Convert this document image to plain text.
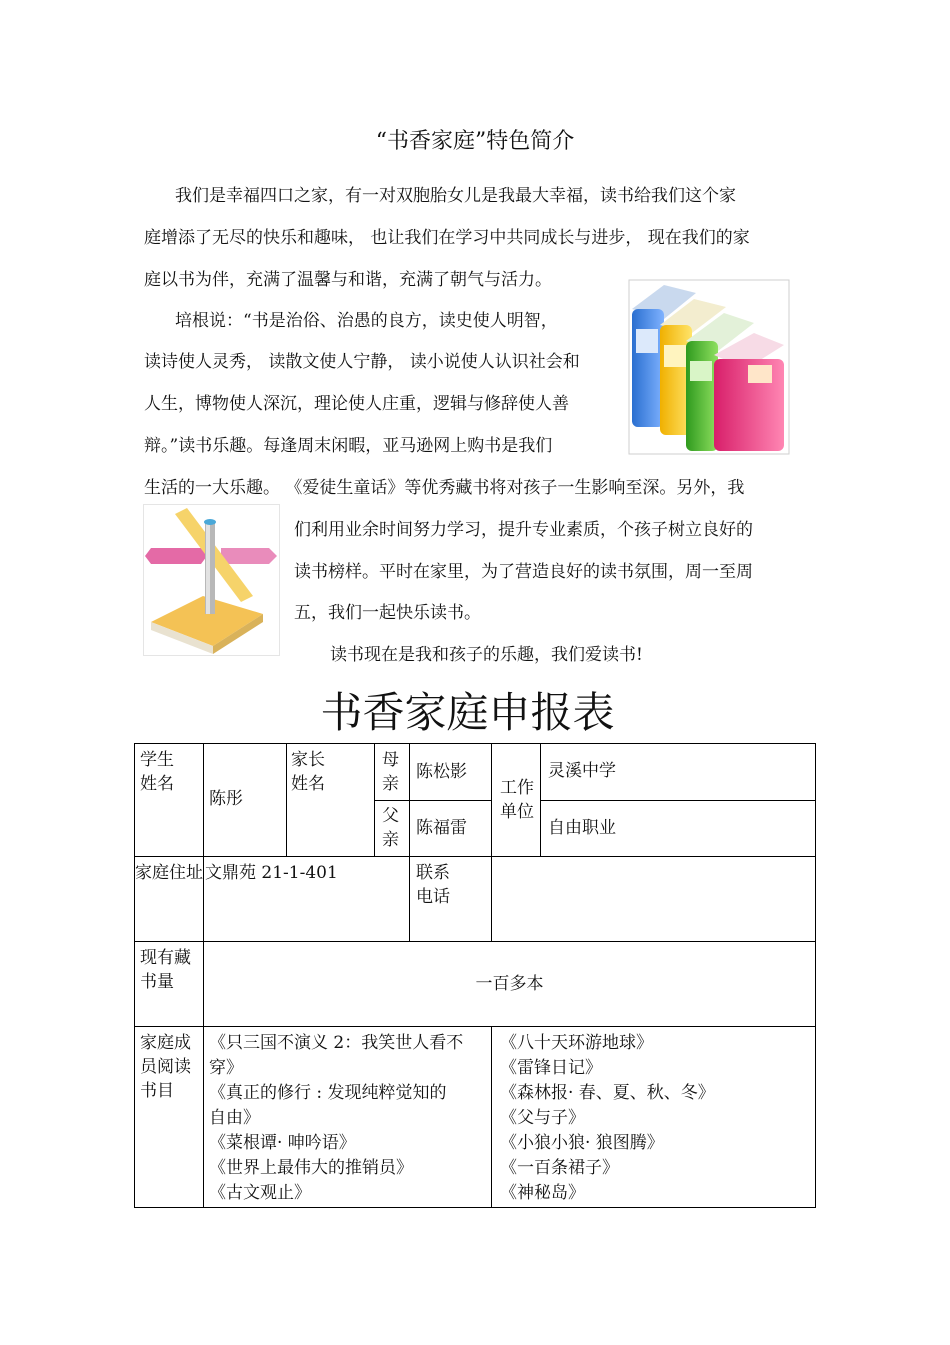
“书香家庭”特色简介
我们是幸福四口之家，有一对双胞胎女儿是我最大幸福，读书给我们这个家
庭增添了无尽的快乐和趣味， 也让我们在学习中共同成长与进步， 现在我们的家
庭以书为伴，充满了温馨与和谐，充满了朝气与活力。
培根说：“书是治俗、治愚的良方，读史使人明智，
读诗使人灵秀， 读散文使人宁静， 读小说使人认识社会和
人生，博物使人深沉，理论使人庄重，逻辑与修辞使人善
辩。”读书乐趣。每逢周末闲暇，亚马逊网上购书是我们
生活的一大乐趣。 《爱徒生童话》等优秀藏书将对孩子一生影响至深。另外，我
们利用业余时间努力学习，提升专业素质，个孩子树立良好的
读书榜样。平时在家里，为了营造良好的读书氛围，周一至周
五，我们一起快乐读书。
读书现在是我和孩子的乐趣，我们爱读书!
书香家庭申报表
学生
姓名
陈彤
家长
姓名
母
亲
陈松影
父
亲
陈福雷
工作
单位
灵溪中学
自由职业
家庭住址 文鼎苑 21-1-401	联系
电话
现有藏
书量	一百多本
家庭成
员阅读
书目
《只三国不演义 2：我笑世人看不
穿》
《真正的修行 : 发现纯粹觉知的
自由》
《菜根谭· 呻吟语》
《世界上最伟大的推销员》
《古文观止》
《八十天环游地球》
《雷锋日记》
《森林报· 春、夏、秋、冬》
《父与子》
《小狼小狼· 狼图腾》
《一百条裙子》
《神秘岛》
